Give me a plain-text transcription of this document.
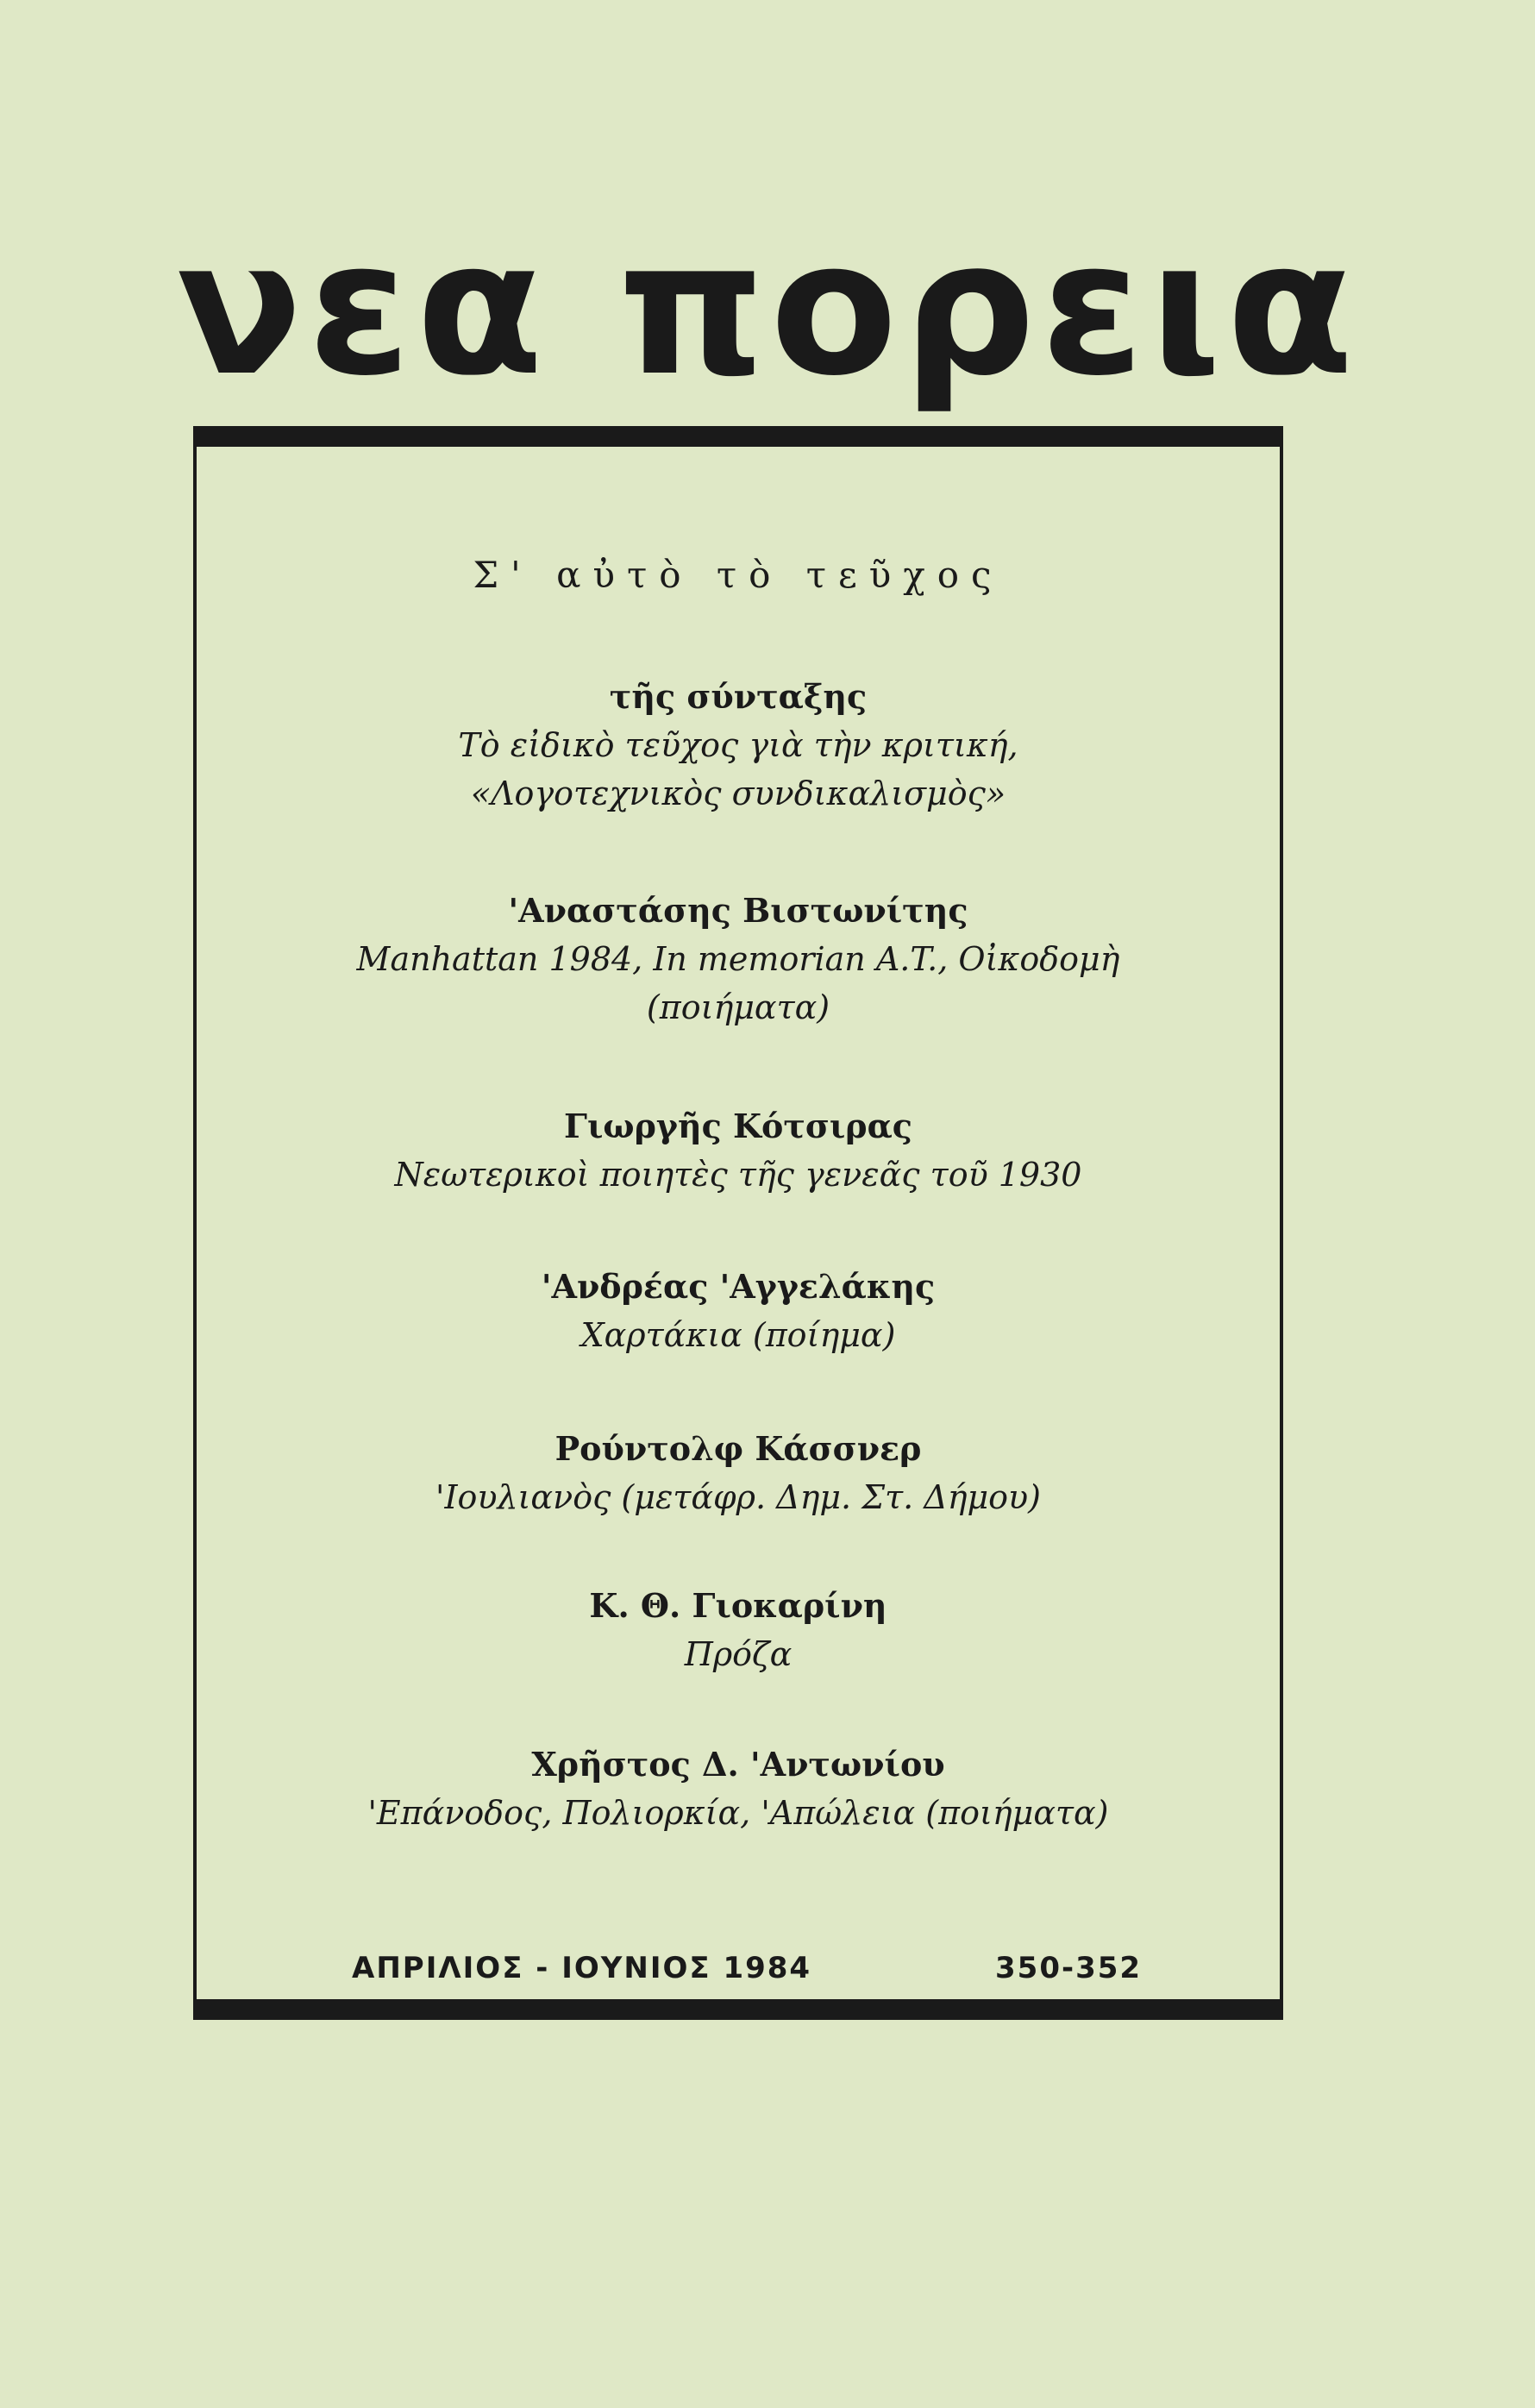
νεα πορεια
Σ' αὐτὸ τὸ τεῦχος
τῆς σύνταξης
Τὸ εἰδικὸ τεῦχος γιὰ τὴν κριτική,
«Λογοτεχνικὸς συνδικαλισμὸς»
'Αναστάσης Βιστωνίτης
Manhattan 1984, In memorian A.T., Οἰκοδομὴ
(ποιήματα)
Γιωργῆς Κότσιρας
Νεωτερικοὶ ποιητὲς τῆς γενεᾶς τοῦ 1930
'Ανδρέας 'Αγγελάκης
Χαρτάκια (ποίημα)
Ρούντολφ Κάσσνερ
'Ιουλιανὸς (μετάφρ. Δημ. Στ. Δήμου)
Κ. Θ. Γιοκαρίνη
Πρόζα
Χρῆστος Δ. 'Αντωνίου
'Επάνοδος, Πολιορκία, 'Απώλεια (ποιήματα)
ΑΠΡΙΛΙΟΣ - ΙΟΥΝΙΟΣ 1984	350-352
